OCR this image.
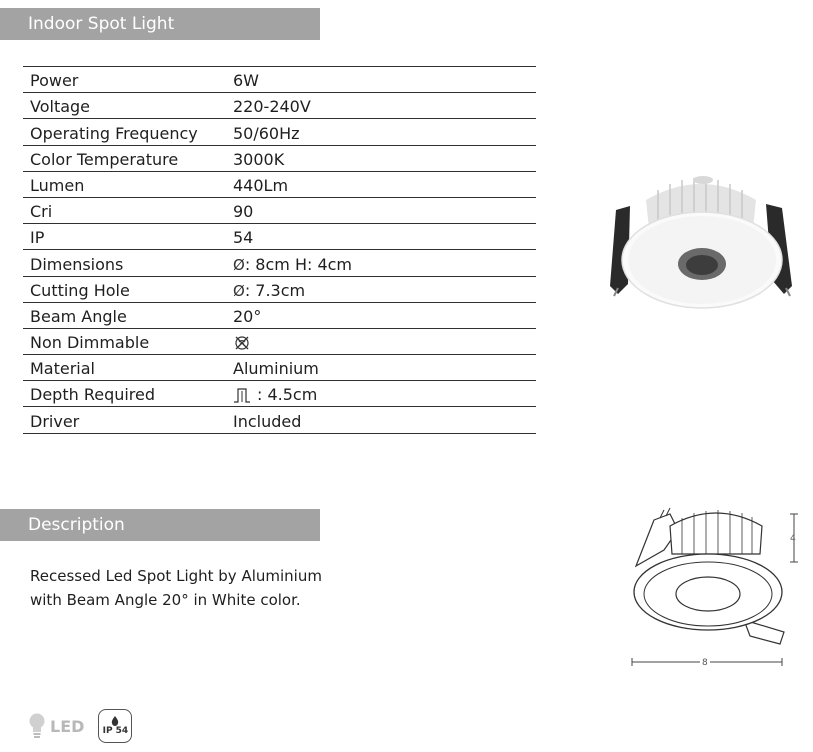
Indoor Spot Light
Power	6W
Voltage	220-240V
Operating Frequency	50/60Hz
Color Temperature	3000K
Lumen	440Lm
Cri	90
IP	54
Dimensions	Ø: 8cm H: 4cm
Cutting Hole	Ø: 7.3cm
Beam Angle	20°
Non Dimmable	
Material	Aluminium
Depth Required	: 4.5cm
Driver	Included
4
8
Description
Recessed Led Spot Light by Aluminium
with Beam Angle 20° in White color.
LED IP 54
